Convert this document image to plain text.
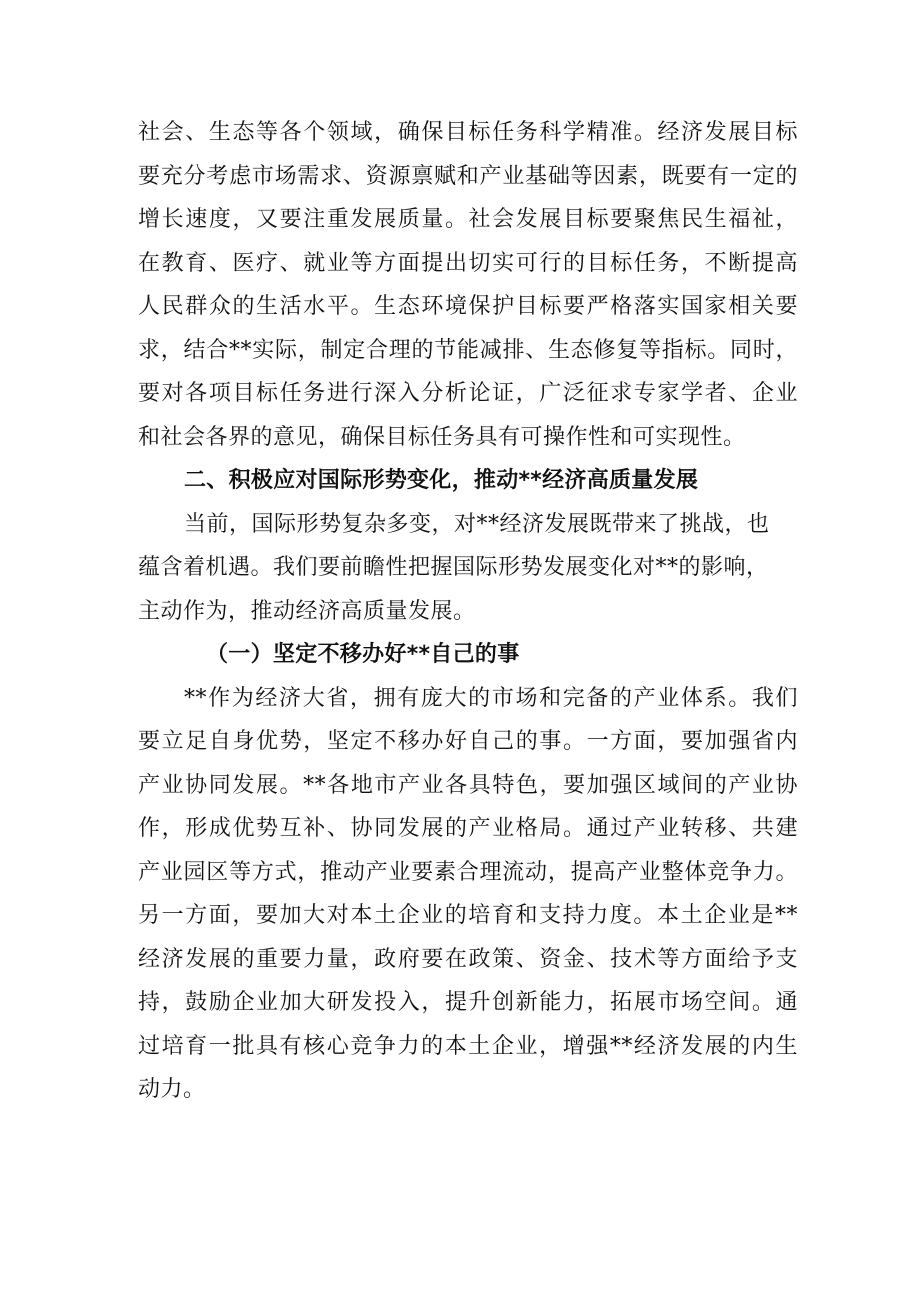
社会、生态等各个领域，确保目标任务科学精准。经济发展目标
要充分考虑市场需求、资源禀赋和产业基础等因素，既要有一定的
增长速度，又要注重发展质量。社会发展目标要聚焦民生福祉，
在教育、医疗、就业等方面提出切实可行的目标任务，不断提高
人民群众的生活水平。生态环境保护目标要严格落实国家相关要
求，结合**实际，制定合理的节能减排、生态修复等指标。同时，
要对各项目标任务进行深入分析论证，广泛征求专家学者、企业
和社会各界的意见，确保目标任务具有可操作性和可实现性。
二、积极应对国际形势变化，推动**经济高质量发展
当前，国际形势复杂多变，对**经济发展既带来了挑战，也
蕴含着机遇。我们要前瞻性把握国际形势发展变化对**的影响，
主动作为，推动经济高质量发展。
（一）坚定不移办好**自己的事
**作为经济大省，拥有庞大的市场和完备的产业体系。我们
要立足自身优势，坚定不移办好自己的事。一方面，要加强省内
产业协同发展。**各地市产业各具特色，要加强区域间的产业协
作，形成优势互补、协同发展的产业格局。通过产业转移、共建
产业园区等方式，推动产业要素合理流动，提高产业整体竞争力。
另一方面，要加大对本土企业的培育和支持力度。本土企业是**
经济发展的重要力量，政府要在政策、资金、技术等方面给予支
持，鼓励企业加大研发投入，提升创新能力，拓展市场空间。通
过培育一批具有核心竞争力的本土企业，增强**经济发展的内生
动力。
